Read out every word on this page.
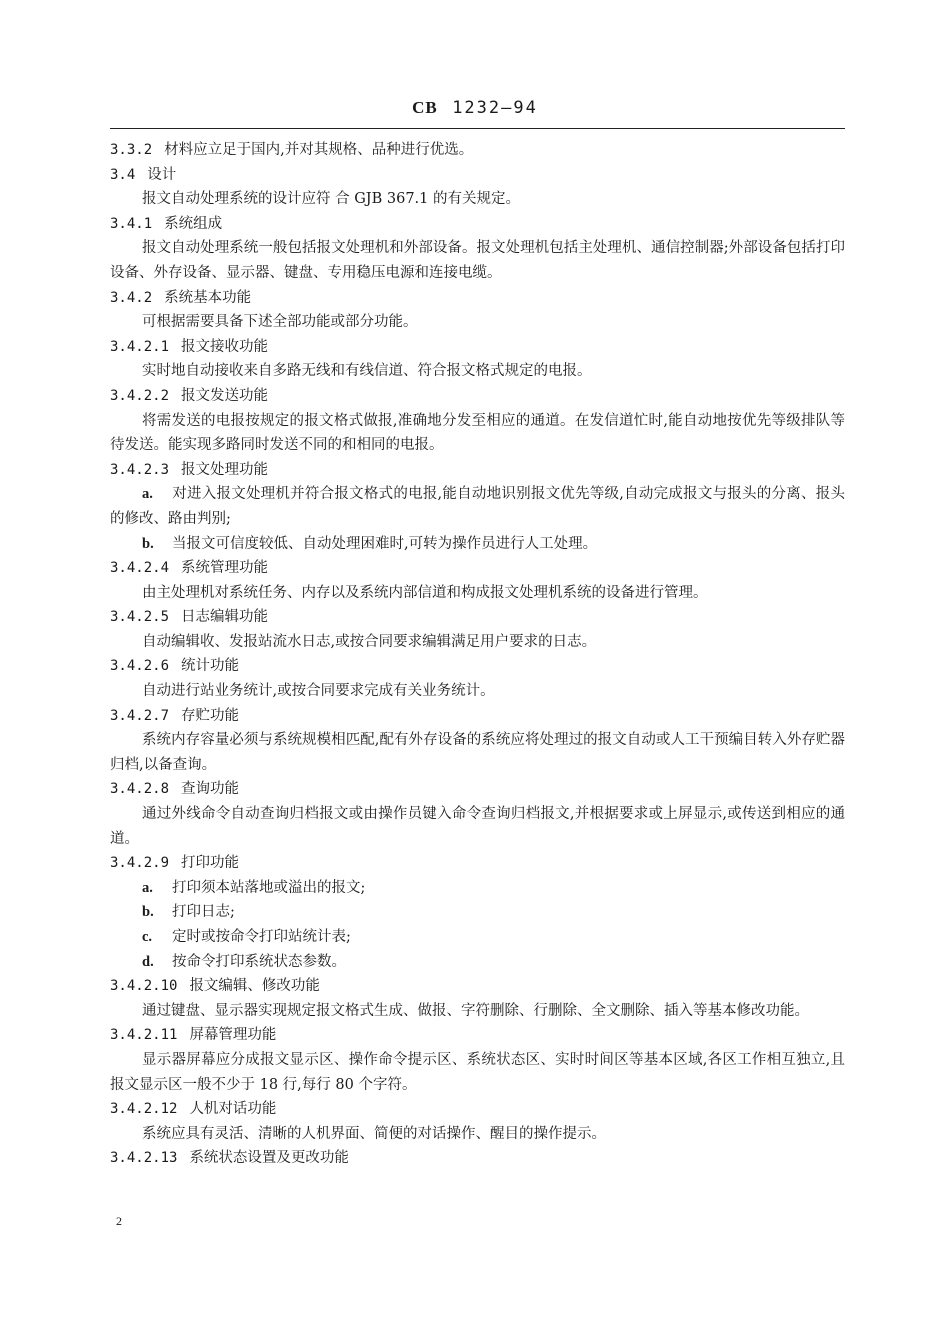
CB 1232—94
3.3.2 材料应立足于国内,并对其规格、品种进行优选。
3.4 设计
报文自动处理系统的设计应符 合 GJB 367.1 的有关规定。
3.4.1 系统组成
报文自动处理系统一般包括报文处理机和外部设备。报文处理机包括主处理机、通信控制器;外部设备包括打印设备、外存设备、显示器、键盘、专用稳压电源和连接电缆。
3.4.2 系统基本功能
可根据需要具备下述全部功能或部分功能。
3.4.2.1 报文接收功能
实时地自动接收来自多路无线和有线信道、符合报文格式规定的电报。
3.4.2.2 报文发送功能
将需发送的电报按规定的报文格式做报,准确地分发至相应的通道。在发信道忙时,能自动地按优先等级排队等待发送。能实现多路同时发送不同的和相同的电报。
3.4.2.3 报文处理功能
a. 对进入报文处理机并符合报文格式的电报,能自动地识别报文优先等级,自动完成报文与报头的分离、报头的修改、路由判别;
b. 当报文可信度较低、自动处理困难时,可转为操作员进行人工处理。
3.4.2.4 系统管理功能
由主处理机对系统任务、内存以及系统内部信道和构成报文处理机系统的设备进行管理。
3.4.2.5 日志编辑功能
自动编辑收、发报站流水日志,或按合同要求编辑满足用户要求的日志。
3.4.2.6 统计功能
自动进行站业务统计,或按合同要求完成有关业务统计。
3.4.2.7 存贮功能
系统内存容量必须与系统规模相匹配,配有外存设备的系统应将处理过的报文自动或人工干预编目转入外存贮器归档,以备查询。
3.4.2.8 查询功能
通过外线命令自动查询归档报文或由操作员键入命令查询归档报文,并根据要求或上屏显示,或传送到相应的通道。
3.4.2.9 打印功能
a. 打印须本站落地或溢出的报文;
b. 打印日志;
c. 定时或按命令打印站统计表;
d. 按命令打印系统状态参数。
3.4.2.10 报文编辑、修改功能
通过键盘、显示器实现规定报文格式生成、做报、字符删除、行删除、全文删除、插入等基本修改功能。
3.4.2.11 屏幕管理功能
显示器屏幕应分成报文显示区、操作命令提示区、系统状态区、实时时间区等基本区域,各区工作相互独立,且报文显示区一般不少于 18 行,每行 80 个字符。
3.4.2.12 人机对话功能
系统应具有灵活、清晰的人机界面、简便的对话操作、醒目的操作提示。
3.4.2.13 系统状态设置及更改功能
2
